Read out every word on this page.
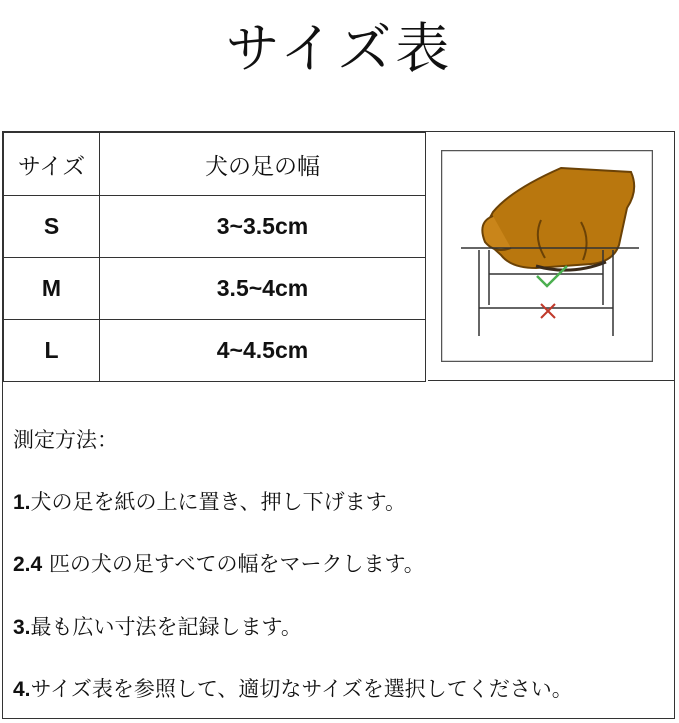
サイズ表
サイズ	犬の足の幅
S	3~3.5cm
M	3.5~4cm
L	4~4.5cm
測定方法：
1.犬の足を紙の上に置き、押し下げます。
2.4 匹の犬の足すべての幅をマークします。
3.最も広い寸法を記録します。
4.サイズ表を参照して、適切なサイズを選択してください。
